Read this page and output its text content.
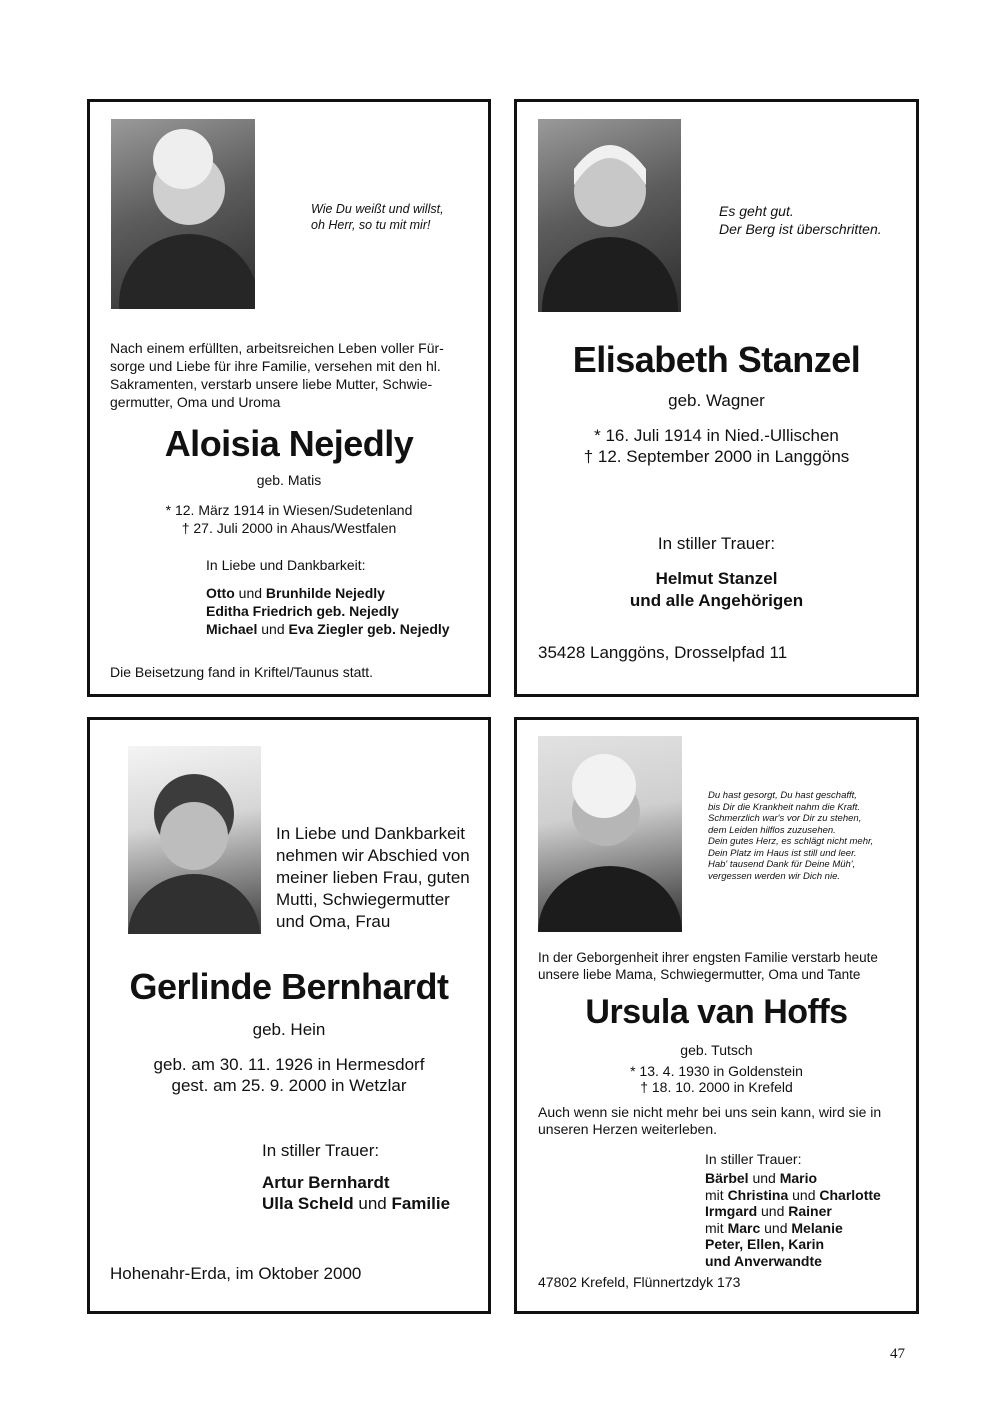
Wie Du weißt und willst,
oh Herr, so tu mit mir!
Nach einem erfüllten, arbeitsreichen Leben voller Für-
sorge und Liebe für ihre Familie, versehen mit den hl.
Sakramenten, verstarb unsere liebe Mutter, Schwie-
germutter, Oma und Uroma
Aloisia Nejedly
geb. Matis
* 12. März 1914 in Wiesen/Sudetenland
† 27. Juli 2000 in Ahaus/Westfalen
In Liebe und Dankbarkeit:
Otto und Brunhilde Nejedly
Editha Friedrich geb. Nejedly
Michael und Eva Ziegler geb. Nejedly
Die Beisetzung fand in Kriftel/Taunus statt.
Es geht gut.
Der Berg ist überschritten.
Elisabeth Stanzel
geb. Wagner
* 16. Juli 1914 in Nied.-Ullischen
† 12. September 2000 in Langgöns
In stiller Trauer:
Helmut Stanzel
und alle Angehörigen
35428 Langgöns, Drosselpfad 11
In Liebe und Dankbarkeit
nehmen wir Abschied von
meiner lieben Frau, guten
Mutti, Schwiegermutter
und Oma, Frau
Gerlinde Bernhardt
geb. Hein
geb. am 30. 11. 1926 in Hermesdorf
gest. am 25. 9. 2000 in Wetzlar
In stiller Trauer:
Artur Bernhardt
Ulla Scheld und Familie
Hohenahr-Erda, im Oktober 2000
Du hast gesorgt, Du hast geschafft,
bis Dir die Krankheit nahm die Kraft.
Schmerzlich war's vor Dir zu stehen,
dem Leiden hilflos zuzusehen.
Dein gutes Herz, es schlägt nicht mehr,
Dein Platz im Haus ist still und leer.
Hab' tausend Dank für Deine Müh',
vergessen werden wir Dich nie.
In der Geborgenheit ihrer engsten Familie verstarb heute
unsere liebe Mama, Schwiegermutter, Oma und Tante
Ursula van Hoffs
geb. Tutsch
* 13. 4. 1930 in Goldenstein
† 18. 10. 2000 in Krefeld
Auch wenn sie nicht mehr bei uns sein kann, wird sie in
unseren Herzen weiterleben.
In stiller Trauer:
Bärbel und Mario
mit Christina und Charlotte
Irmgard und Rainer
mit Marc und Melanie
Peter, Ellen, Karin
und Anverwandte
47802 Krefeld, Flünnertzdyk 173
47
